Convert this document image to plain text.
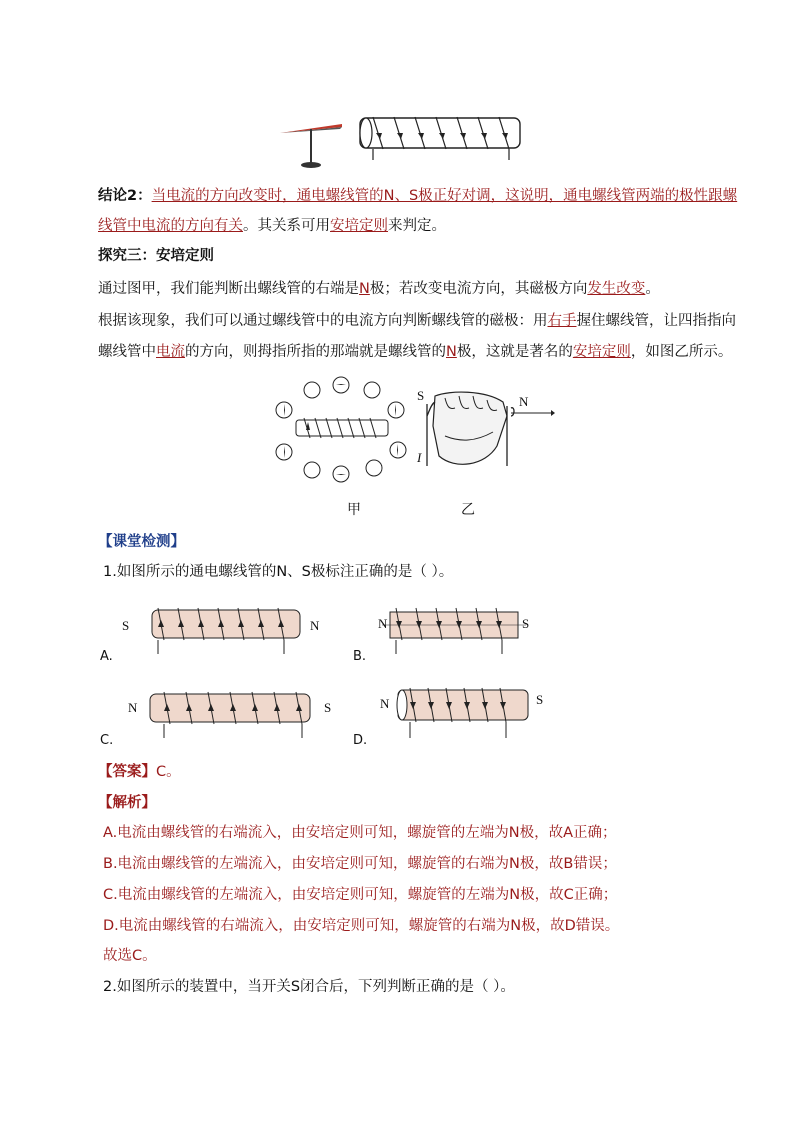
结论2：当电流的方向改变时，通电螺线管的N、S极正好对调，这说明，通电螺线管两端的极性跟螺
线管中电流的方向有关。其关系可用安培定则来判定。
探究三：安培定则
通过图甲，我们能判断出螺线管的右端是N极；若改变电流方向，其磁极方向发生改变。
根据该现象，我们可以通过螺线管中的电流方向判断螺线管的磁极：用右手握住螺线管，让四指指向
螺线管中电流的方向，则拇指所指的那端就是螺线管的N极，这就是著名的安培定则，如图乙所示。
S	N
I
甲	乙
【课堂检测】
1.如图所示的通电螺线管的N、S极标注正确的是（ ）。
S	N
A.
N	S
B.
N	S
C.
N	S
D.
【答案】C。
【解析】
A.电流由螺线管的右端流入，由安培定则可知，螺旋管的左端为N极，故A正确；
B.电流由螺线管的左端流入，由安培定则可知，螺旋管的右端为N极，故B错误；
C.电流由螺线管的左端流入，由安培定则可知，螺旋管的左端为N极，故C正确；
D.电流由螺线管的右端流入，由安培定则可知，螺旋管的右端为N极，故D错误。
故选C。
2.如图所示的装置中，当开关S闭合后，下列判断正确的是（ ）。
